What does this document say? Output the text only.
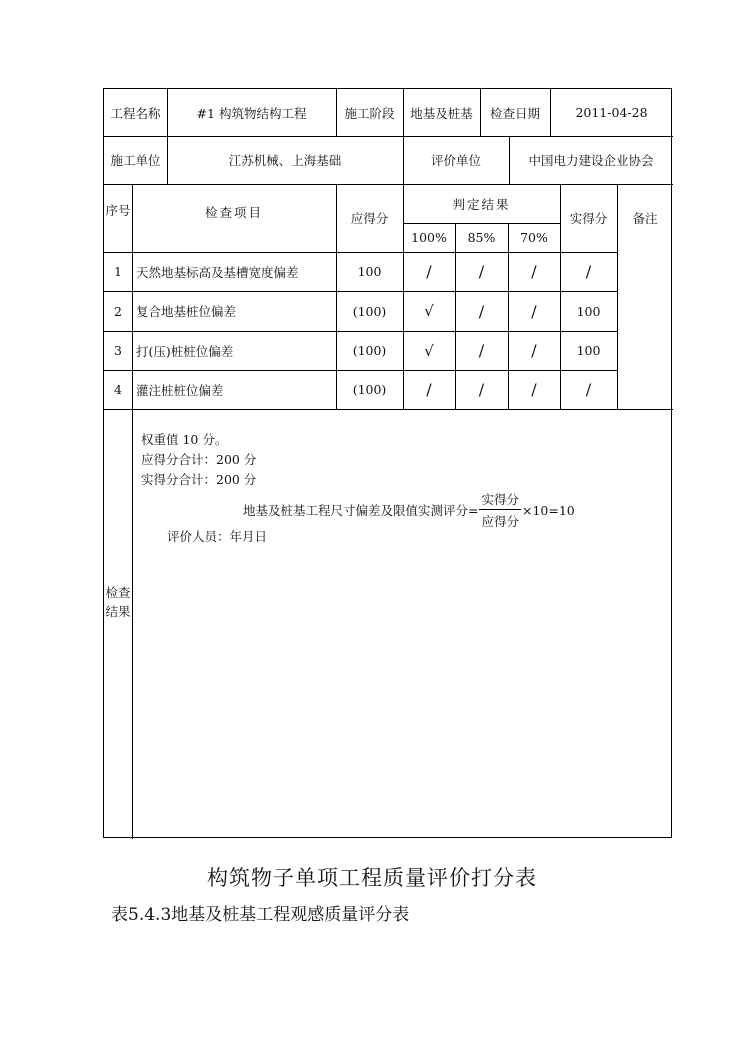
工程名称	#1 构筑物结构工程	施工阶段	地基及桩基	检查日期	2011-04-28
施工单位	江苏机械、上海基础	评价单位	中国电力建设企业协会
序号	检查项目	应得分
判定结果
100%	85%	70%
实得分	备注
1	天然地基标高及基槽宽度偏差	100	/	/	/	/
2	复合地基桩位偏差	(100)	√	/	/	100
3	打(压)桩桩位偏差	(100)	√	/	/	100
4	灌注桩桩位偏差	(100)	/	/	/	/
检查结果
权重值 10 分。
应得分合计：200 分
实得分合计：200 分
地基及桩基工程尺寸偏差及限值实测评分= $\frac{\text{实得分}}{\text{应得分}} \times 10=10$
评价人员：年月日
构筑物子单项工程质量评价打分表
表5.4.3地基及桩基工程观感质量评分表
